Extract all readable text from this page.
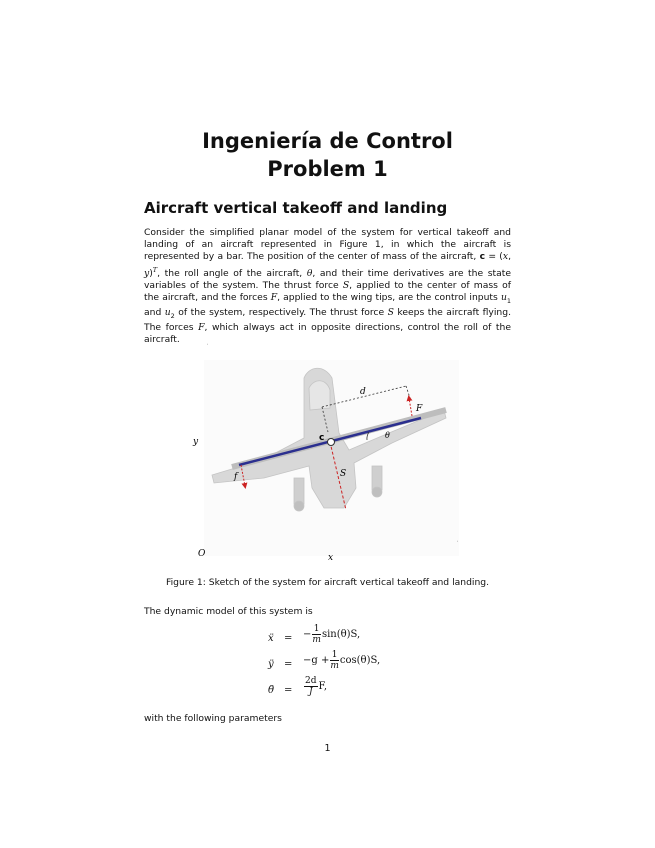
Ingeniería de Control
Problem 1
Aircraft vertical takeoff and landing
Consider the simplified planar model of the system for vertical takeoff and landing of an aircraft represented in Figure 1, in which the aircraft is represented by a bar. The position of the center of mass of the aircraft, c = (x, y)$^T$, the roll angle of the aircraft, θ, and their time derivatives are the state variables of the system. The thrust force S, applied to the center of mass of the aircraft, and the forces F, applied to the wing tips, are the control inputs $u_1$ and $u_2$ of the system, respectively. The thrust force S keeps the aircraft flying. The forces F, which always act in opposite directions, control the roll of the aircraft.
˙
˙
d
F
c	θ
y
f	S
O	x
Figure 1: Sketch of the system for aircraft vertical takeoff and landing.
The dynamic model of this system is
ẍ = − $\frac{1}{m} \sin(\theta)S$,
ÿ = $-g + \frac{1}{m} \cos(\theta)S$,
θ̈ = $\frac{2d}{J} F$,
with the following parameters
1
